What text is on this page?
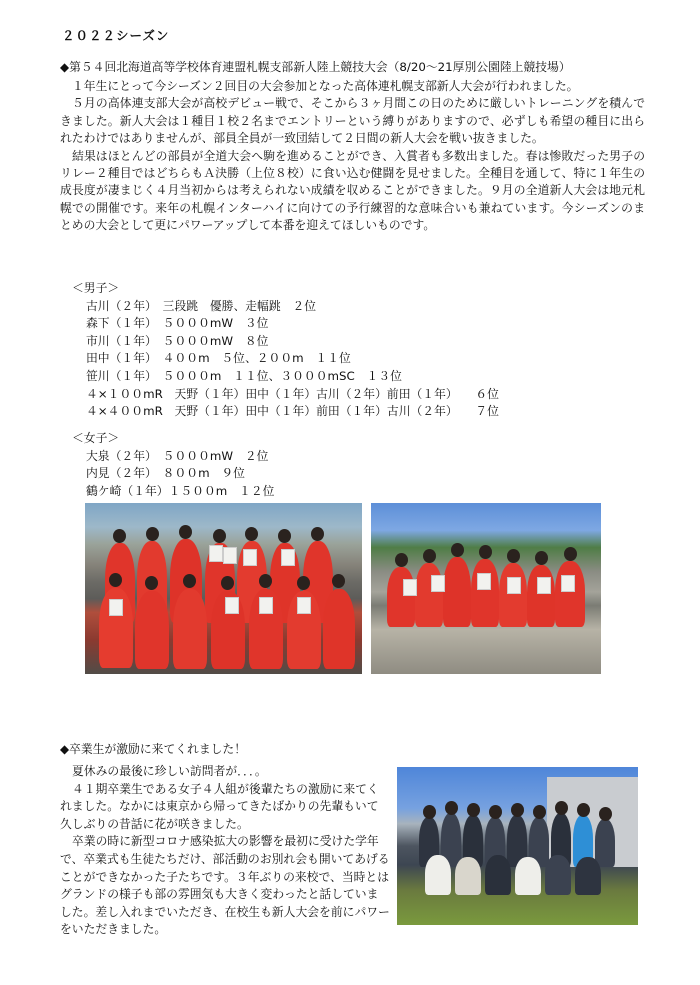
２０２２シーズン
◆第５４回北海道高等学校体育連盟札幌支部新人陸上競技大会（8/20～21厚別公園陸上競技場）

１年生にとって今シーズン２回目の大会参加となった高体連札幌支部新人大会が行われました。

５月の高体連支部大会が高校デビュー戦で、そこから３ヶ月間この日のために厳しいトレーニングを積んできました。新人大会は１種目１校２名までエントリーという縛りがありますので、必ずしも希望の種目に出られたわけではありませんが、部員全員が一致団結して２日間の新人大会を戦い抜きました。

結果はほとんどの部員が全道大会へ駒を進めることができ、入賞者も多数出ました。春は惨敗だった男子のリレー２種目ではどちらもＡ決勝（上位８校）に食い込む健闘を見せました。全種目を通して、特に１年生の成長度が凄まじく４月当初からは考えられない成績を収めることができました。９月の全道新人大会は地元札幌での開催です。来年の札幌インターハイに向けての予行練習的な意味合いも兼ねています。今シーズンのまとめの大会として更にパワーアップして本番を迎えてほしいものです。

＜男子＞
古川（２年）　三段跳　優勝、走幅跳　２位
森下（１年）　５０００mW　３位
市川（１年）　５０００mW　８位
田中（１年）　４００m　５位、２００m　１１位
笹川（１年）　５０００m　１１位、３０００mSC　１３位
４×１００mR　天野（１年）田中（１年）古川（２年）前田（１年）　　６位
４×４００mR　天野（１年）田中（１年）前田（１年）古川（２年）　　７位
＜女子＞
大泉（２年）　５０００mW　２位
内見（２年）　８００m　９位
鶴ケ崎（１年）１５００m　１２位
◆卒業生が激励に来てくれました！

夏休みの最後に珍しい訪問者が．．．。

４１期卒業生である女子４人組が後輩たちの激励に来てくれました。なかには東京から帰ってきたばかりの先輩もいて久しぶりの昔話に花が咲きました。

卒業の時に新型コロナ感染拡大の影響を最初に受けた学年で、卒業式も生徒たちだけ、部活動のお別れ会も開いてあげることができなかった子たちです。３年ぶりの来校で、当時とはグランドの様子も部の雰囲気も大きく変わったと話していました。差し入れまでいただき、在校生も新人大会を前にパワーをいただきました。
